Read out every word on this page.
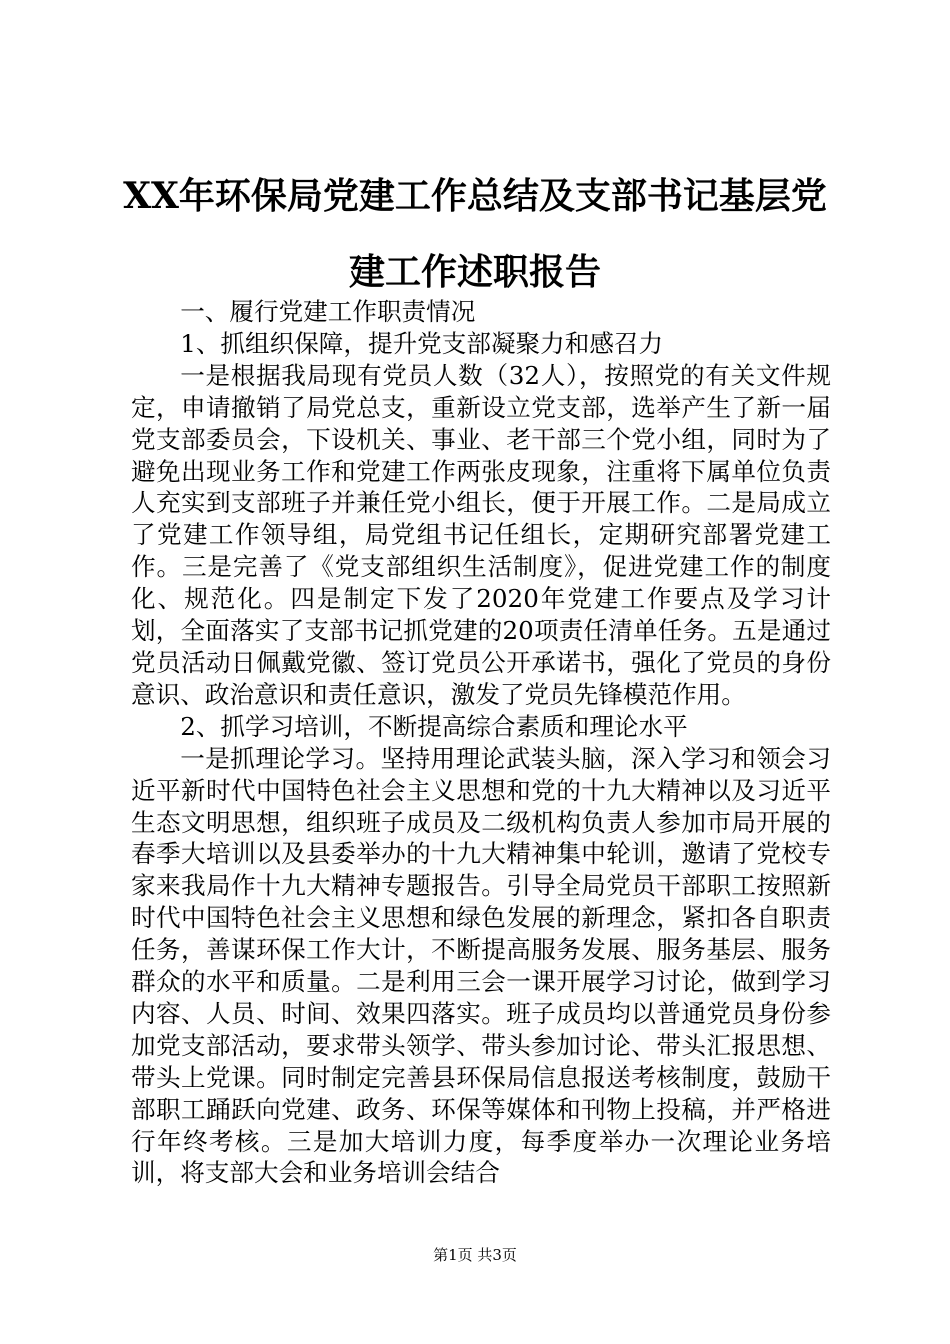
XX年环保局党建工作总结及支部书记基层党建工作述职报告

一、履行党建工作职责情况

1、抓组织保障，提升党支部凝聚力和感召力

一是根据我局现有党员人数（32人），按照党的有关文件规定，申请撤销了局党总支，重新设立党支部，选举产生了新一届党支部委员会，下设机关、事业、老干部三个党小组，同时为了避免出现业务工作和党建工作两张皮现象，注重将下属单位负责人充实到支部班子并兼任党小组长，便于开展工作。二是局成立了党建工作领导组，局党组书记任组长，定期研究部署党建工作。三是完善了《党支部组织生活制度》，促进党建工作的制度化、规范化。四是制定下发了2020年党建工作要点及学习计划，全面落实了支部书记抓党建的20项责任清单任务。五是通过党员活动日佩戴党徽、签订党员公开承诺书，强化了党员的身份意识、政治意识和责任意识，激发了党员先锋模范作用。

2、抓学习培训，不断提高综合素质和理论水平

一是抓理论学习。坚持用理论武装头脑，深入学习和领会习近平新时代中国特色社会主义思想和党的十九大精神以及习近平生态文明思想，组织班子成员及二级机构负责人参加市局开展的春季大培训以及县委举办的十九大精神集中轮训，邀请了党校专家来我局作十九大精神专题报告。引导全局党员干部职工按照新时代中国特色社会主义思想和绿色发展的新理念，紧扣各自职责任务，善谋环保工作大计，不断提高服务发展、服务基层、服务群众的水平和质量。二是利用三会一课开展学习讨论，做到学习内容、人员、时间、效果四落实。班子成员均以普通党员身份参加党支部活动，要求带头领学、带头参加讨论、带头汇报思想、带头上党课。同时制定完善县环保局信息报送考核制度，鼓励干部职工踊跃向党建、政务、环保等媒体和刊物上投稿，并严格进行年终考核。三是加大培训力度，每季度举办一次理论业务培训，将支部大会和业务培训会结合

第1页 共3页
